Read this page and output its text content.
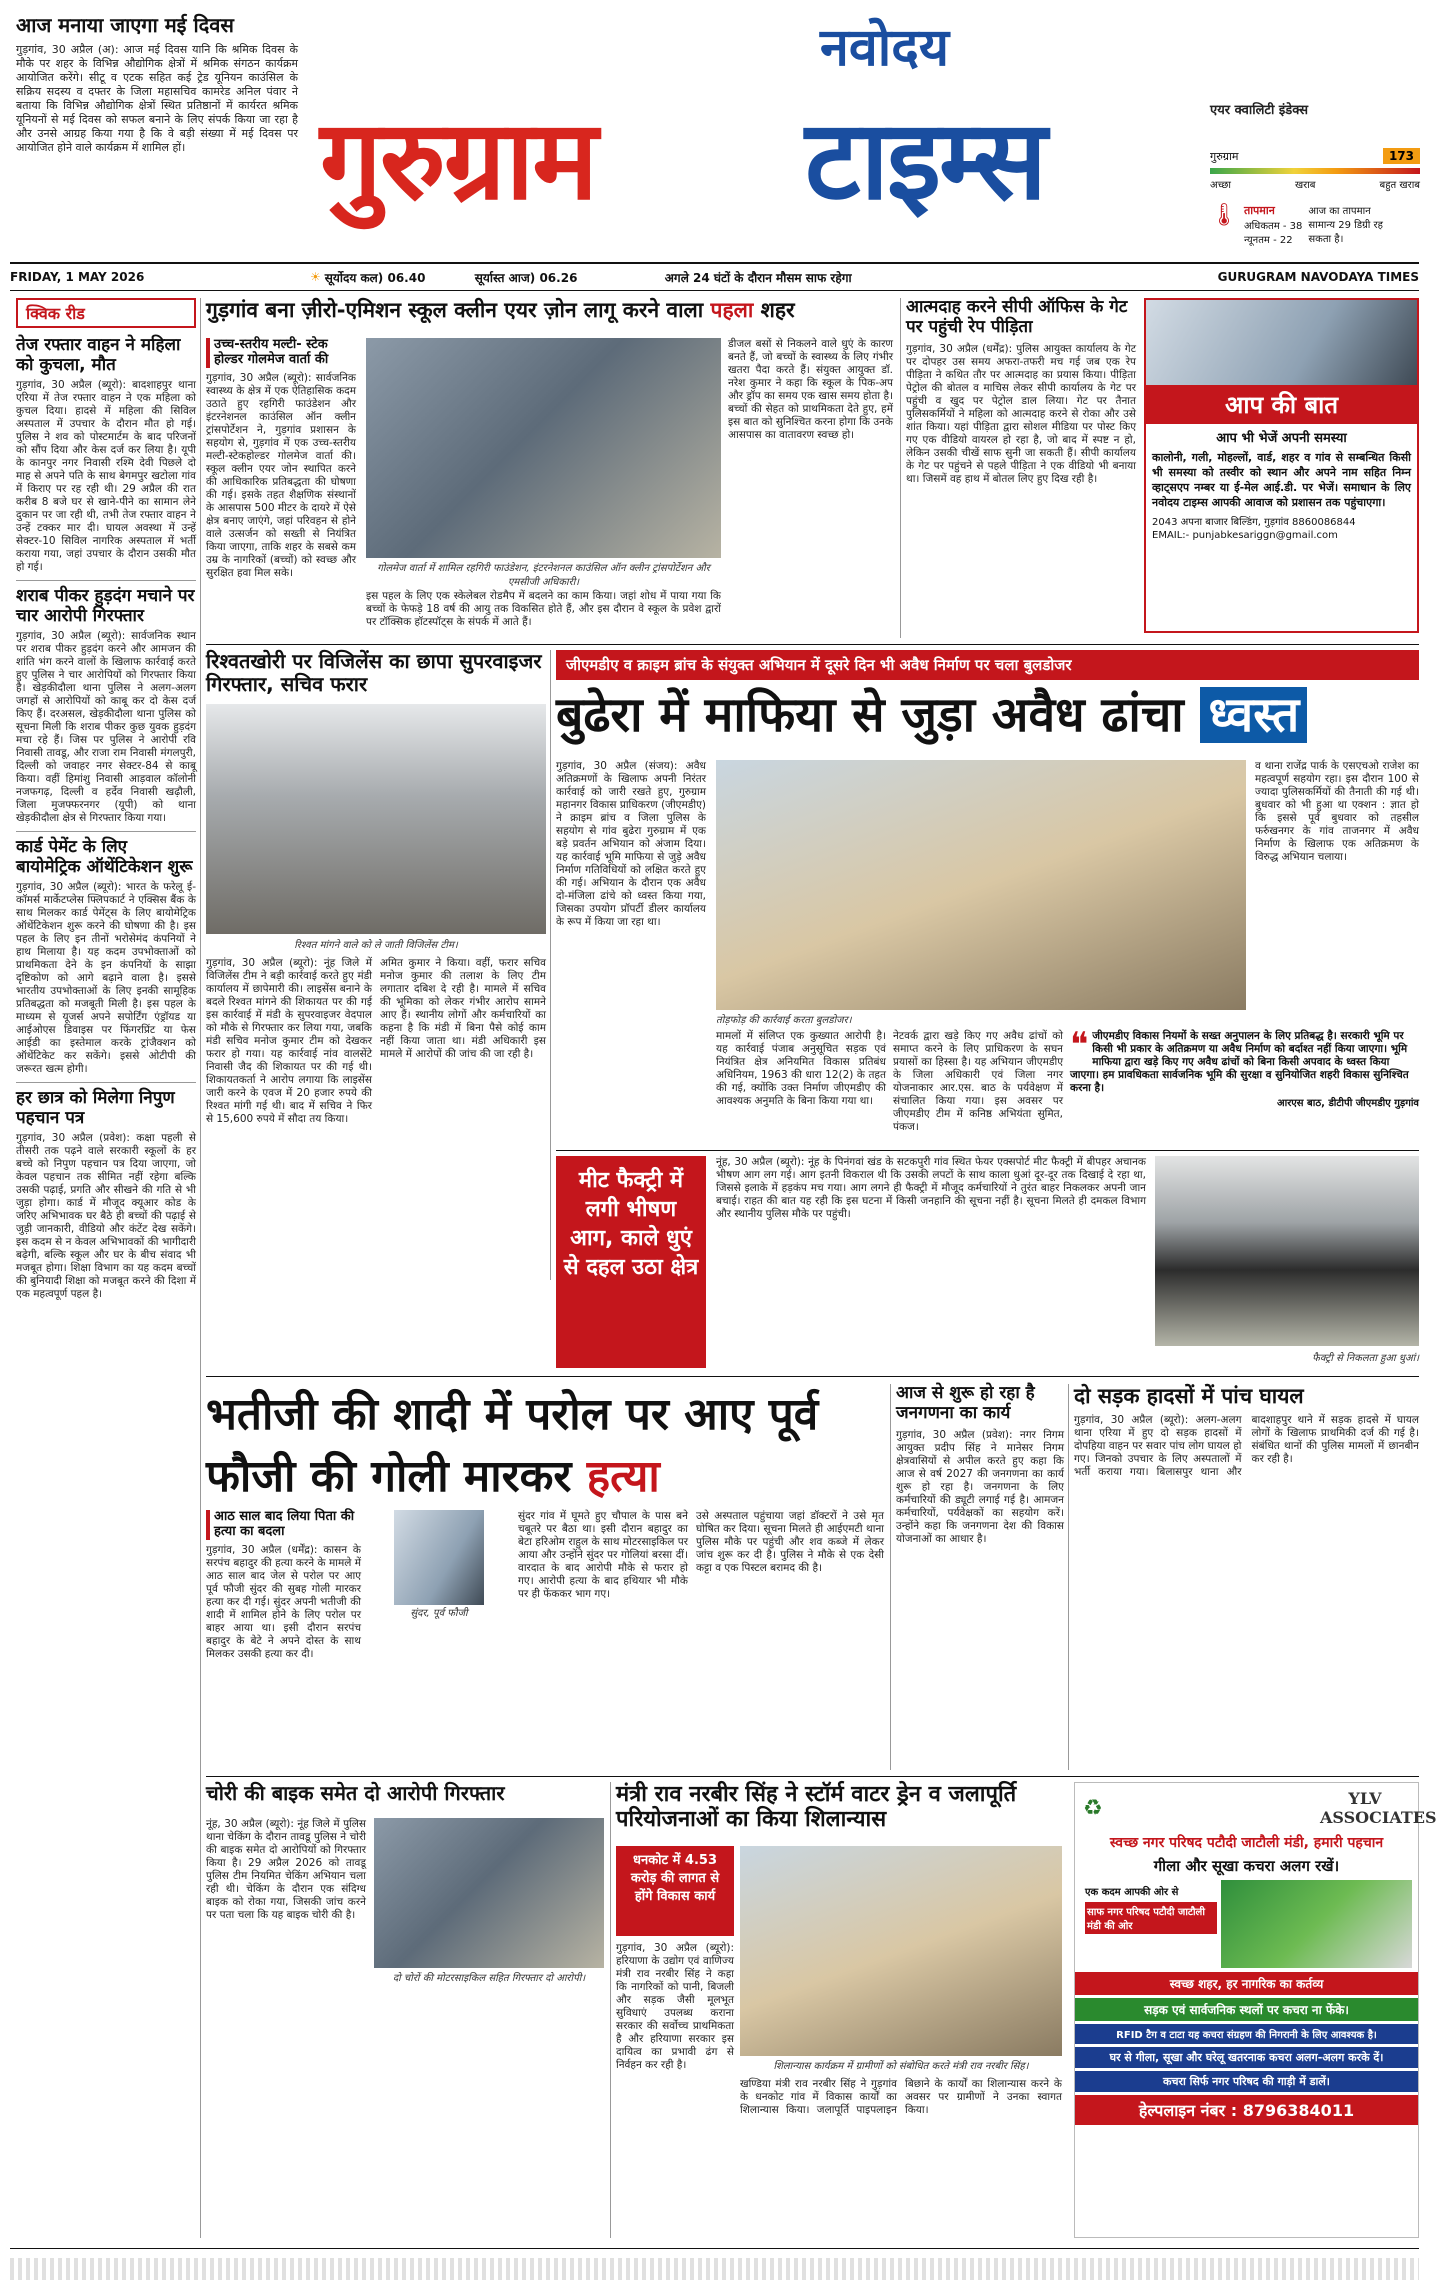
आज मनाया जाएगा मई दिवस
गुड़गांव, 30 अप्रैल (अ): आज मई दिवस यानि कि श्रमिक दिवस के मौके पर शहर के विभिन्न औद्योगिक क्षेत्रों में श्रमिक संगठन कार्यक्रम आयोजित करेंगे। सीटू व एटक सहित कई ट्रेड यूनियन काउंसिल के सक्रिय सदस्य व दफ्तर के जिला महासचिव कामरेड अनिल पंवार ने बताया कि विभिन्न औद्योगिक क्षेत्रों स्थित प्रतिष्ठानों में कार्यरत श्रमिक यूनियनों से मई दिवस को सफल बनाने के लिए संपर्क किया जा रहा है और उनसे आग्रह किया गया है कि वे बड़ी संख्या में मई दिवस पर आयोजित होने वाले कार्यक्रम में शामिल हों।
नवोदय
गुरुग्राम टाइम्स	एयर क्वालिटी इंडेक्स
गुरुग्राम	173
अच्छा	खराब	बहुत खराब
🌡 तापमान
अधिकतम - 38
न्यूनतम - 22
आज का तापमान सामान्य 29 डिग्री रह सकता है।
FRIDAY, 1 MAY 2026	☀ सूर्योदय कल) 06.40	सूर्यास्त आज) 06.26	अगले 24 घंटों के दौरान मौसम साफ रहेगा	GURUGRAM NAVODAYA TIMES
क्विक रीड
तेज रफ्तार वाहन ने महिला को कुचला, मौत
गुड़गांव, 30 अप्रैल (ब्यूरो): बादशाहपुर थाना एरिया में तेज रफ्तार वाहन ने एक महिला को कुचल दिया। हादसे में महिला की सिविल अस्पताल में उपचार के दौरान मौत हो गई। पुलिस ने शव को पोस्टमार्टम के बाद परिजनों को सौंप दिया और केस दर्ज कर लिया है। यूपी के कानपुर नगर निवासी रश्मि देवी पिछले दो माह से अपने पति के साथ बेगमपुर खटोला गांव में किराए पर रह रही थी। 29 अप्रैल की रात करीब 8 बजे घर से खाने-पीने का सामान लेने दुकान पर जा रही थी, तभी तेज रफ्तार वाहन ने उन्हें टक्कर मार दी। घायल अवस्था में उन्हें सेक्टर-10 सिविल नागरिक अस्पताल में भर्ती कराया गया, जहां उपचार के दौरान उसकी मौत हो गई।
शराब पीकर हुड़दंग मचाने पर चार आरोपी गिरफ्तार
गुड़गांव, 30 अप्रैल (ब्यूरो): सार्वजनिक स्थान पर शराब पीकर हुड़दंग करने और आमजन की शांति भंग करने वालों के खिलाफ कार्रवाई करते हुए पुलिस ने चार आरोपियों को गिरफ्तार किया है। खेड़कीदौला थाना पुलिस ने अलग-अलग जगहों से आरोपियों को काबू कर दो केस दर्ज किए हैं। दरअसल, खेड़कीदौला थाना पुलिस को सूचना मिली कि शराब पीकर कुछ युवक हुड़दंग मचा रहे हैं। जिस पर पुलिस ने आरोपी रवि निवासी तावडू, और राजा राम निवासी मंगलपुरी, दिल्ली को जवाहर नगर सेक्टर-84 से काबू किया। वहीं हिमांशु निवासी आड़वाल कॉलोनी नजफगढ़, दिल्ली व हर्देव निवासी खढ़ौली, जिला मुजफ्फरनगर (यूपी) को थाना खेड़कीदौला क्षेत्र से गिरफ्तार किया गया।
कार्ड पेमेंट के लिए बायोमेट्रिक ऑथेंटिकेशन शुरू
गुड़गांव, 30 अप्रैल (ब्यूरो): भारत के फरेलू ई-कॉमर्स मार्केटप्लेस फ्लिपकार्ट ने एक्सिस बैंक के साथ मिलकर कार्ड पेमेंट्स के लिए बायोमेट्रिक ऑथेंटिकेशन शुरू करने की घोषणा की है। इस पहल के लिए इन तीनों भरोसेमंद कंपनियों ने हाथ मिलाया है। यह कदम उपभोक्ताओं को प्राथमिकता देने के इन कंपनियों के साझा दृष्टिकोण को आगे बढ़ाने वाला है। इससे भारतीय उपभोक्ताओं के लिए इनकी सामूहिक प्रतिबद्धता को मजबूती मिली है। इस पहल के माध्यम से यूजर्स अपने सपोर्टिंग एंड्रॉयड या आईओएस डिवाइस पर फिंगरप्रिंट या फेस आईडी का इस्तेमाल करके ट्रांजैक्शन को ऑथेंटिकेट कर सकेंगे। इससे ओटीपी की जरूरत खत्म होगी।
हर छात्र को मिलेगा निपुण पहचान पत्र
गुड़गांव, 30 अप्रैल (प्रवेश): कक्षा पहली से तीसरी तक पढ़ने वाले सरकारी स्कूलों के हर बच्चे को निपुण पहचान पत्र दिया जाएगा, जो केवल पहचान तक सीमित नहीं रहेगा बल्कि उसकी पढ़ाई, प्रगति और सीखने की गति से भी जुड़ा होगा। कार्ड में मौजूद क्यूआर कोड के जरिए अभिभावक घर बैठे ही बच्चों की पढ़ाई से जुड़ी जानकारी, वीडियो और कंटेंट देख सकेंगे। इस कदम से न केवल अभिभावकों की भागीदारी बढ़ेगी, बल्कि स्कूल और घर के बीच संवाद भी मजबूत होगा। शिक्षा विभाग का यह कदम बच्चों की बुनियादी शिक्षा को मजबूत करने की दिशा में एक महत्वपूर्ण पहल है।
गुड़गांव बना ज़ीरो-एमिशन स्कूल क्लीन एयर ज़ोन लागू करने वाला पहला शहर
उच्च-स्तरीय मल्टी- स्टेक होल्डर गोलमेज वार्ता की
गुड़गांव, 30 अप्रैल (ब्यूरो): सार्वजनिक स्वास्थ्य के क्षेत्र में एक ऐतिहासिक कदम उठाते हुए रहगिरी फाउंडेशन और इंटरनेशनल काउंसिल ऑन क्लीन ट्रांसपोर्टेशन ने, गुड़गांव प्रशासन के सहयोग से, गुड़गांव में एक उच्च-स्तरीय मल्टी-स्टेकहोल्डर गोलमेज वार्ता की। स्कूल क्लीन एयर जोन स्थापित करने की आधिकारिक प्रतिबद्धता की घोषणा की गई। इसके तहत शैक्षणिक संस्थानों के आसपास 500 मीटर के दायरे में ऐसे क्षेत्र बनाए जाएंगे, जहां परिवहन से होने वाले उत्सर्जन को सख्ती से नियंत्रित किया जाएगा, ताकि शहर के सबसे कम उम्र के नागरिकों (बच्चों) को स्वच्छ और सुरक्षित हवा मिल सके।	गोलमेज वार्ता में शामिल रहगिरी फाउंडेशन, इंटरनेशनल काउंसिल ऑन क्लीन ट्रांसपोर्टेशन और एमसीजी अधिकारी।
इस पहल के लिए एक स्केलेबल रोडमैप में बदलने का काम किया। जहां शोध में पाया गया कि बच्चों के फेफड़े 18 वर्ष की आयु तक विकसित होते हैं, और इस दौरान वे स्कूल के प्रवेश द्वारों पर टॉक्सिक हॉटस्पॉट्स के संपर्क में आते हैं।
डीजल बसों से निकलने वाले धुएं के कारण बनते हैं, जो बच्चों के स्वास्थ्य के लिए गंभीर खतरा पैदा करते हैं। संयुक्त आयुक्त डॉ. नरेश कुमार ने कहा कि स्कूल के पिक-अप और ड्रॉप का समय एक खास समय होता है। बच्चों की सेहत को प्राथमिकता देते हुए, हमें इस बात को सुनिश्चित करना होगा कि उनके आसपास का वातावरण स्वच्छ हो।
आत्मदाह करने सीपी ऑफिस के गेट पर पहुंची रेप पीड़िता
गुड़गांव, 30 अप्रैल (धर्मेंद्र): पुलिस आयुक्त कार्यालय के गेट पर दोपहर उस समय अफरा-तफरी मच गई जब एक रेप पीड़िता ने कथित तौर पर आत्मदाह का प्रयास किया। पीड़िता पेट्रोल की बोतल व माचिस लेकर सीपी कार्यालय के गेट पर पहुंची व खुद पर पेट्रोल डाल लिया। गेट पर तैनात पुलिसकर्मियों ने महिला को आत्मदाह करने से रोका और उसे शांत किया। यहां पीड़िता द्वारा सोशल मीडिया पर पोस्ट किए गए एक वीडियो वायरल हो रहा है, जो बाद में स्पष्ट न हो, लेकिन उसकी चीखें साफ सुनी जा सकती हैं। सीपी कार्यालय के गेट पर पहुंचने से पहले पीड़िता ने एक वीडियो भी बनाया था। जिसमें वह हाथ में बोतल लिए हुए दिख रही है।
आप की बात
आप भी भेजें अपनी समस्या
कालोनी, गली, मोहल्लों, वार्ड, शहर व गांव से सम्बन्धित किसी भी समस्या को तस्वीर को स्थान और अपने नाम सहित निम्न व्हाट्सएप नम्बर या ई-मेल आई.डी. पर भेजें। समाधान के लिए नवोदय टाइम्स आपकी आवाज को प्रशासन तक पहुंचाएगा।
2043 अपना बाजार बिल्डिंग, गुड़गांव 8860086844
EMAIL:- punjabkesariggn@gmail.com
रिश्वतखोरी पर विजिलेंस का छापा सुपरवाइजर गिरफ्तार, सचिव फरार
रिश्वत मांगने वाले को ले जाती विजिलेंस टीम।
गुड़गांव, 30 अप्रैल (ब्यूरो): नूंह जिले में विजिलेंस टीम ने बड़ी कार्रवाई करते हुए मंडी कार्यालय में छापेमारी की। लाइसेंस बनाने के बदले रिश्वत मांगने की शिकायत पर की गई इस कार्रवाई में मंडी के सुपरवाइजर वेदपाल को मौके से गिरफ्तार कर लिया गया, जबकि मंडी सचिव मनोज कुमार टीम को देखकर फरार हो गया। यह कार्रवाई नांव वालसेंटे निवासी जैद की शिकायत पर की गई थी। शिकायतकर्ता ने आरोप लगाया कि लाइसेंस जारी करने के एवज में 20 हजार रुपये की रिश्वत मांगी गई थी। बाद में सचिव ने फिर से 15,600 रुपये में सौदा तय किया।
अमित कुमार ने किया। वहीं, फरार सचिव मनोज कुमार की तलाश के लिए टीम लगातार दबिश दे रही है। मामले में सचिव की भूमिका को लेकर गंभीर आरोप सामने आए हैं। स्थानीय लोगों और कर्मचारियों का कहना है कि मंडी में बिना पैसे कोई काम नहीं किया जाता था। मंडी अधिकारी इस मामले में आरोपों की जांच की जा रही है।
जीएमडीए व क्राइम ब्रांच के संयुक्त अभियान में दूसरे दिन भी अवैध निर्माण पर चला बुलडोजर
बुढेरा में माफिया से जुड़ा अवैध ढांचा ध्वस्त
गुड़गांव, 30 अप्रैल (संजय): अवैध अतिक्रमणों के खिलाफ अपनी निरंतर कार्रवाई को जारी रखते हुए, गुरुग्राम महानगर विकास प्राधिकरण (जीएमडीए) ने क्राइम ब्रांच व जिला पुलिस के सहयोग से गांव बुढेरा गुरुग्राम में एक बड़े प्रवर्तन अभियान को अंजाम दिया। यह कार्रवाई भूमि माफिया से जुड़े अवैध निर्माण गतिविधियों को लक्षित करते हुए की गई। अभियान के दौरान एक अवैध दो-मंजिला ढांचे को ध्वस्त किया गया, जिसका उपयोग प्रॉपर्टी डीलर कार्यालय के रूप में किया जा रहा था।
तोड़फोड़ की कार्रवाई करता बुलडोजर।
मामलों में संलिप्त एक कुख्यात आरोपी है। यह कार्रवाई पंजाब अनुसूचित सड़क एवं नियंत्रित क्षेत्र अनियमित विकास प्रतिबंध अधिनियम, 1963 की धारा 12(2) के तहत की गई, क्योंकि उक्त निर्माण जीएमडीए की आवश्यक अनुमति के बिना किया गया था।
नेटवर्क द्वारा खड़े किए गए अवैध ढांचों को समाप्त करने के लिए प्राधिकरण के सघन प्रयासों का हिस्सा है। यह अभियान जीएमडीए के जिला अधिकारी एवं जिला नगर योजनाकार आर.एस. बाठ के पर्यवेक्षण में संचालित किया गया। इस अवसर पर जीएमडीए टीम में कनिष्ठ अभियंता सुमित, पंकज।
व थाना राजेंद्र पार्क के एसएचओ राजेश का महत्वपूर्ण सहयोग रहा। इस दौरान 100 से ज्यादा पुलिसकर्मियों की तैनाती की गई थी। बुधवार को भी हुआ था एक्शन : ज्ञात हो कि इससे पूर्व बुधवार को तहसील फर्रुखनगर के गांव ताजनगर में अवैध निर्माण के खिलाफ एक अतिक्रमण के विरुद्ध अभियान चलाया।
❝ जीएमडीए विकास नियमों के सख्त अनुपालन के लिए प्रतिबद्ध है। सरकारी भूमि पर किसी भी प्रकार के अतिक्रमण या अवैध निर्माण को बर्दाश्त नहीं किया जाएगा। भूमि माफिया द्वारा खड़े किए गए अवैध ढांचों को बिना किसी अपवाद के ध्वस्त किया जाएगा। हम प्रावधिकता सार्वजनिक भूमि की सुरक्षा व सुनियोजित शहरी विकास सुनिश्चित करना है।
आरएस बाठ, डीटीपी जीएमडीए गुड़गांव
मीट फैक्ट्री में लगी भीषण आग, काले धुएं से दहल उठा क्षेत्र
नूंह, 30 अप्रैल (ब्यूरो): नूंह के पिनंगवां खंड के सटकपुरी गांव स्थित फेयर एक्सपोर्ट मीट फैक्ट्री में बीपहर अचानक भीषण आग लग गई। आग इतनी विकराल थी कि उसकी लपटों के साथ काला धुआं दूर-दूर तक दिखाई दे रहा था, जिससे इलाके में हड़कंप मच गया। आग लगने ही फैक्ट्री में मौजूद कर्मचारियों ने तुरंत बाहर निकलकर अपनी जान बचाई। राहत की बात यह रही कि इस घटना में किसी जनहानि की सूचना नहीं है। सूचना मिलते ही दमकल विभाग और स्थानीय पुलिस मौके पर पहुंची।
फैक्ट्री से निकलता हुआ धुआं।
भतीजी की शादी में परोल पर आए पूर्व फौजी की गोली मारकर हत्या
आठ साल बाद लिया पिता की हत्या का बदला
गुड़गांव, 30 अप्रैल (धर्मेंद्र): कासन के सरपंच बहादुर की हत्या करने के मामले में आठ साल बाद जेल से परोल पर आए पूर्व फौजी सुंदर की सुबह गोली मारकर हत्या कर दी गई। सुंदर अपनी भतीजी की शादी में शामिल होने के लिए परोल पर बाहर आया था। इसी दौरान सरपंच बहादुर के बेटे ने अपने दोस्त के साथ मिलकर उसकी हत्या कर दी।
सुंदर गांव में घूमते हुए चौपाल के पास बने चबूतरे पर बैठा था। इसी दौरान बहादुर का बेटा हरिओम राहुल के साथ मोटरसाइकिल पर आया और उन्होंने सुंदर पर गोलियां बरसा दीं। वारदात के बाद आरोपी मौके से फरार हो गए। आरोपी हत्या के बाद हथियार भी मौके पर ही फेंककर भाग गए।
सुंदर, पूर्व फौजी
उसे अस्पताल पहुंचाया जहां डॉक्टरों ने उसे मृत घोषित कर दिया। सूचना मिलते ही आईएमटी थाना पुलिस मौके पर पहुंची और शव कब्जे में लेकर जांच शुरू कर दी है। पुलिस ने मौके से एक देसी कट्टा व एक पिस्टल बरामद की है।
आज से शुरू हो रहा है जनगणना का कार्य
गुड़गांव, 30 अप्रैल (प्रवेश): नगर निगम आयुक्त प्रदीप सिंह ने मानेसर निगम क्षेत्रवासियों से अपील करते हुए कहा कि आज से वर्ष 2027 की जनगणना का कार्य शुरू हो रहा है। जनगणना के लिए कर्मचारियों की ड्यूटी लगाई गई है। आमजन कर्मचारियों, पर्यवेक्षकों का सहयोग करें। उन्होंने कहा कि जनगणना देश की विकास योजनाओं का आधार है।
दो सड़क हादसों में पांच घायल
गुड़गांव, 30 अप्रैल (ब्यूरो): अलग-अलग थाना एरिया में हुए दो सड़क हादसों में दोपहिया वाहन पर सवार पांच लोग घायल हो गए। जिनको उपचार के लिए अस्पतालों में भर्ती कराया गया। बिलासपुर थाना और बादशाहपुर थाने में सड़क हादसे में घायल लोगों के खिलाफ प्राथमिकी दर्ज की गई है। संबंधित थानों की पुलिस मामलों में छानबीन कर रही है।
चोरी की बाइक समेत दो आरोपी गिरफ्तार
नूंह, 30 अप्रैल (ब्यूरो): नूंह जिले में पुलिस थाना चेकिंग के दौरान तावडू पुलिस ने चोरी की बाइक समेत दो आरोपियों को गिरफ्तार किया है। 29 अप्रैल 2026 को तावडू पुलिस टीम नियमित चेकिंग अभियान चला रही थी। चेकिंग के दौरान एक संदिग्ध बाइक को रोका गया, जिसकी जांच करने पर पता चला कि यह बाइक चोरी की है।
दो चोरों की मोटरसाइकिल सहित गिरफ्तार दो आरोपी।
मंत्री राव नरबीर सिंह ने स्टॉर्म वाटर ड्रेन व जलापूर्ति परियोजनाओं का किया शिलान्यास
धनकोट में 4.53 करोड़ की लागत से होंगे विकास कार्य
शिलान्यास कार्यक्रम में ग्रामीणों को संबोधित करते मंत्री राव नरबीर सिंह।
गुड़गांव, 30 अप्रैल (ब्यूरो): हरियाणा के उद्योग एवं वाणिज्य मंत्री राव नरबीर सिंह ने कहा कि नागरिकों को पानी, बिजली और सड़क जैसी मूलभूत सुविधाएं उपलब्ध कराना सरकार की सर्वोच्च प्राथमिकता है और हरियाणा सरकार इस दायित्व का प्रभावी ढंग से निर्वहन कर रही है।
खण्डिया मंत्री राव नरबीर सिंह ने गुड़गांव के धनकोट गांव में विकास कार्यों का शिलान्यास किया। जलापूर्ति पाइपलाइन बिछाने के कार्यों का शिलान्यास करने के अवसर पर ग्रामीणों ने उनका स्वागत किया।
♻	YLV ASSOCIATES
स्वच्छ नगर परिषद पटौदी जाटौली मंडी, हमारी पहचान
गीला और सूखा कचरा अलग रखें।
एक कदम आपकी ओर से
साफ नगर परिषद पटौदी जाटौली मंडी की ओर
स्वच्छ शहर, हर नागरिक का कर्तव्य
सड़क एवं सार्वजनिक स्थलों पर कचरा ना फेंके।
RFID टैग व टाटा यह कचरा संग्रहण की निगरानी के लिए आवश्यक है।
घर से गीला, सूखा और घरेलू खतरनाक कचरा अलग-अलग करके दें।
कचरा सिर्फ नगर परिषद की गाड़ी में डालें।
हेल्पलाइन नंबर : 8796384011
